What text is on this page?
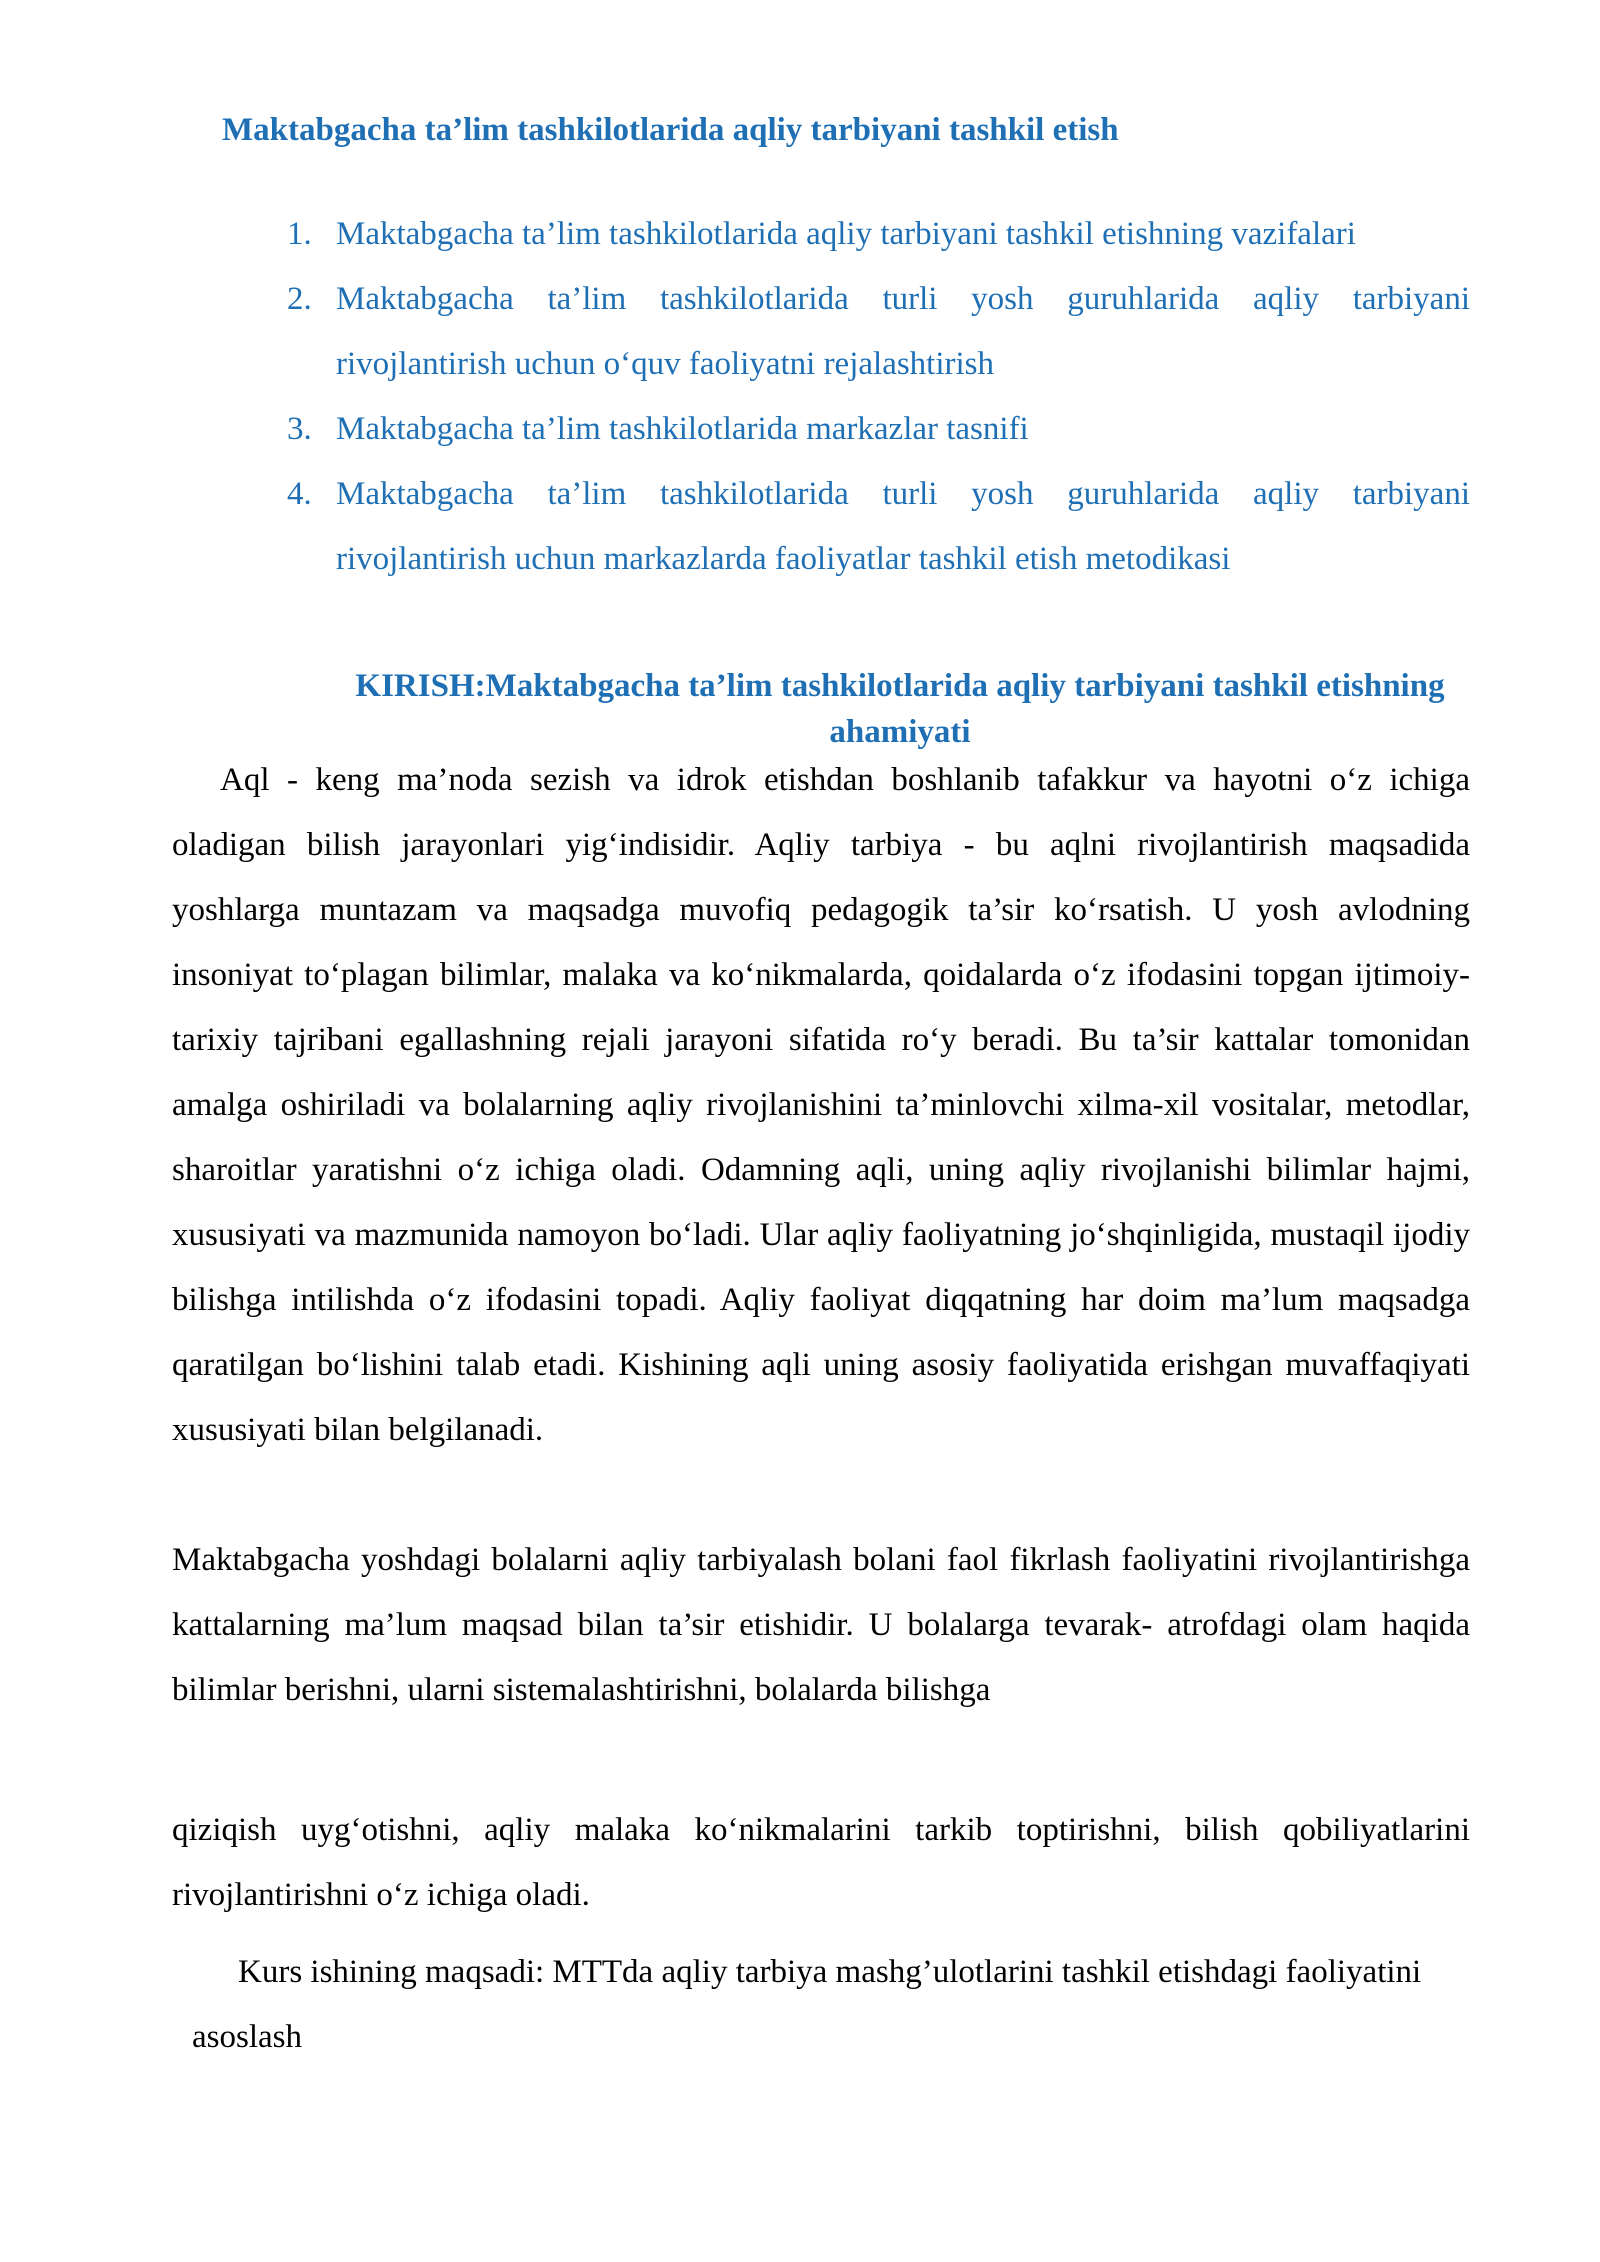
Maktabgacha ta’lim tashkilotlarida aqliy tarbiyani tashkil etish
1. Maktabgacha ta’lim tashkilotlarida aqliy tarbiyani tashkil etishning vazifalari
2. Maktabgacha ta’lim tashkilotlarida turli yosh guruhlarida aqliy tarbiyani rivojlantirish uchun o‘quv faoliyatni rejalashtirish
3. Maktabgacha ta’lim tashkilotlarida markazlar tasnifi
4. Maktabgacha ta’lim tashkilotlarida turli yosh guruhlarida aqliy tarbiyani rivojlantirish uchun markazlarda faoliyatlar tashkil etish metodikasi
KIRISH:Maktabgacha ta’lim tashkilotlarida aqliy tarbiyani tashkil etishning ahamiyati

Aql - keng ma’noda sezish va idrok etishdan boshlanib tafakkur va hayotni o‘z ichiga oladigan bilish jarayonlari yig‘indisidir. Aqliy tarbiya - bu aqlni rivojlantirish maqsadida yoshlarga muntazam va maqsadga muvofiq pedagogik ta’sir ko‘rsatish. U yosh avlodning insoniyat to‘plagan bilimlar, malaka va ko‘nikmalarda, qoidalarda o‘z ifodasini topgan ijtimoiy-tarixiy tajribani egallashning rejali jarayoni sifatida ro‘y beradi. Bu ta’sir kattalar tomonidan amalga oshiriladi va bolalarning aqliy rivojlanishini ta’minlovchi xilma-xil vositalar, metodlar, sharoitlar yaratishni o‘z ichiga oladi. Odamning aqli, uning aqliy rivojlanishi bilimlar hajmi, xususiyati va mazmunida namoyon bo‘ladi. Ular aqliy faoliyatning jo‘shqinligida, mustaqil ijodiy bilishga intilishda o‘z ifodasini topadi. Aqliy faoliyat diqqatning har doim ma’lum maqsadga qaratilgan bo‘lishini talab etadi. Kishining aqli uning asosiy faoliyatida erishgan muvaffaqiyati xususiyati bilan belgilanadi.

Maktabgacha yoshdagi bolalarni aqliy tarbiyalash bolani faol fikrlash faoliyatini rivojlantirishga kattalarning ma’lum maqsad bilan ta’sir etishidir. U bolalarga tevarak- atrofdagi olam haqida bilimlar berishni, ularni sistemalashtirishni, bolalarda bilishga

qiziqish uyg‘otishni, aqliy malaka ko‘nikmalarini tarkib toptirishni, bilish qobiliyatlarini rivojlantirishni o‘z ichiga oladi.

Kurs ishining maqsadi: MTTda aqliy tarbiya mashg’ulotlarini tashkil etishdagi faoliyatini asoslash
